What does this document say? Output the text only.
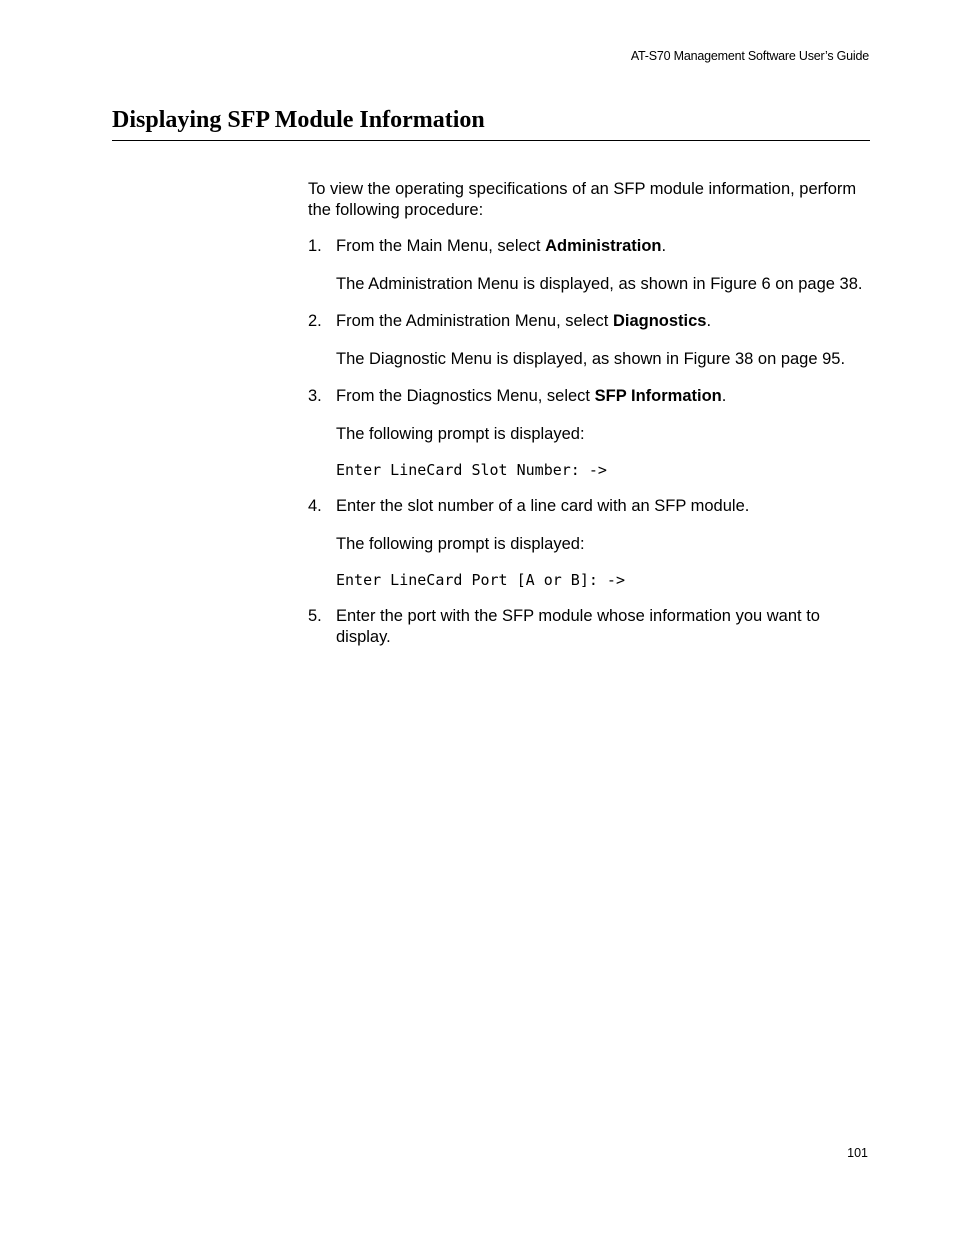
AT-S70 Management Software User’s Guide
Displaying SFP Module Information

To view the operating specifications of an SFP module information, perform the following procedure:

1. From the Main Menu, select Administration.

The Administration Menu is displayed, as shown in Figure 6 on page 38.

2. From the Administration Menu, select Diagnostics.

The Diagnostic Menu is displayed, as shown in Figure 38 on page 95.

3. From the Diagnostics Menu, select SFP Information.

The following prompt is displayed:

Enter LineCard Slot Number: ->
4. Enter the slot number of a line card with an SFP module.

The following prompt is displayed:

Enter LineCard Port [A or B]: ->
5. Enter the port with the SFP module whose information you want to display.

101
